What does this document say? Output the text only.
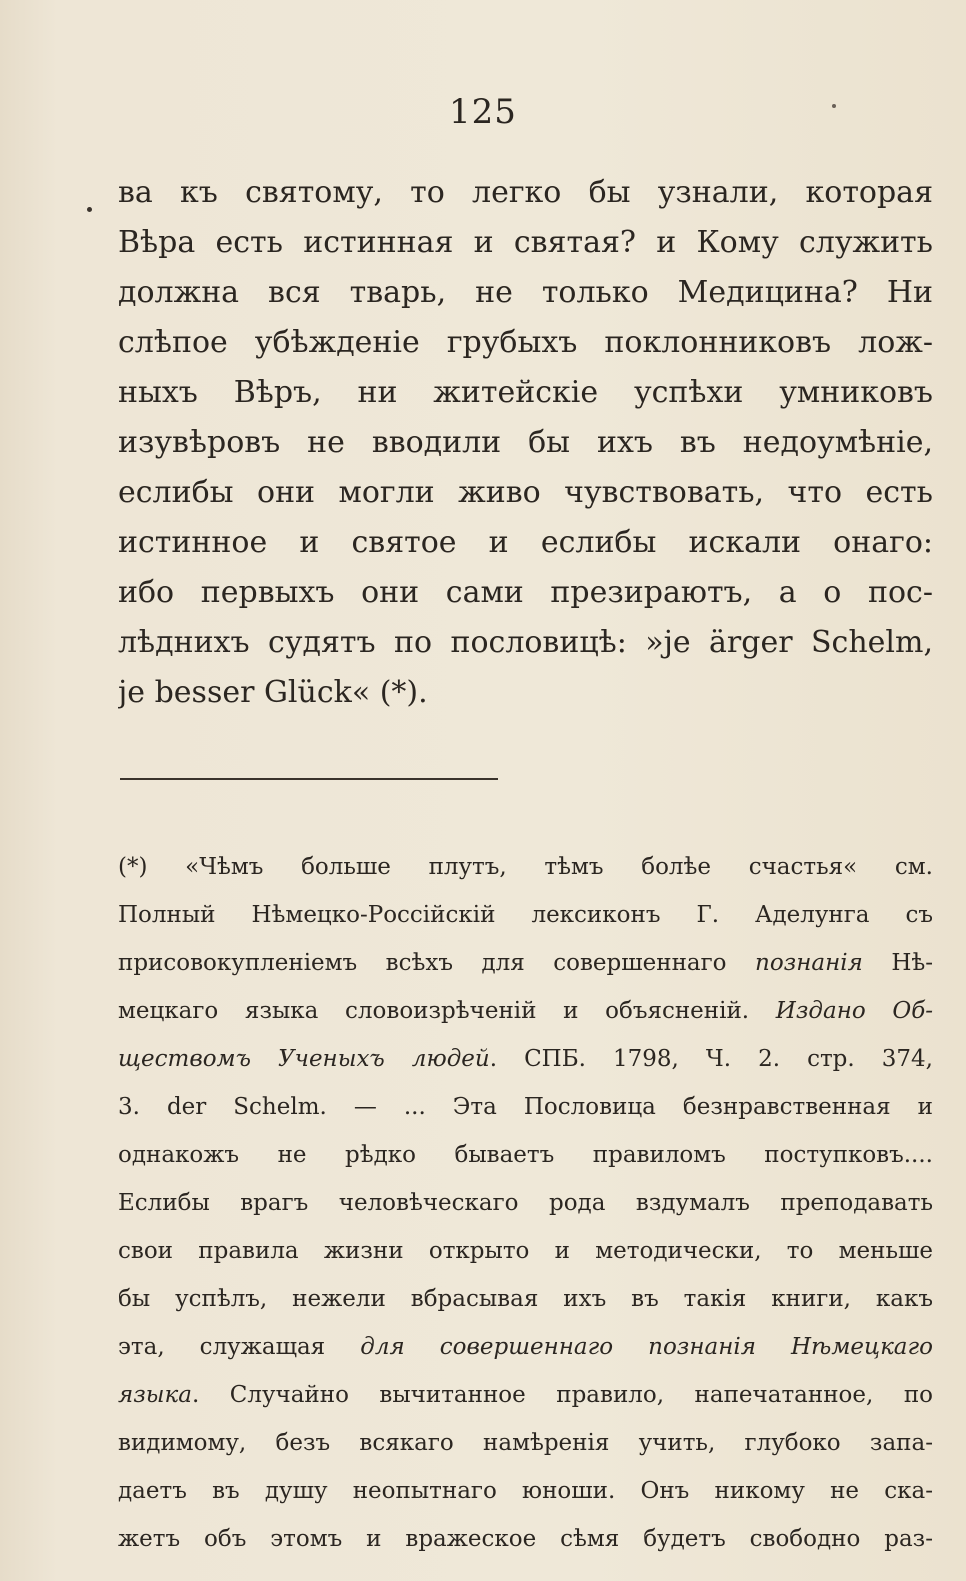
125
ва къ святому, то легко бы узнали, которая
Вѣра есть истинная и святая? и Кому служить
должна вся тварь, не только Медицина? Ни
слѣпое убѣжденіе грубыхъ поклонниковъ лож-
ныхъ Вѣръ, ни житейскіе успѣхи умниковъ
изувѣровъ не вводили бы ихъ въ недоумѣніе,
еслибы они могли живо чувствовать, что есть
истинное и святое и еслибы искали онаго:
ибо первыхъ они сами презираютъ, а о пос-
лѣднихъ судятъ по пословицѣ: »je ärger Schelm,
je besser Glück« (*).
(*) «Чѣмъ больше плутъ, тѣмъ болѣе счастья« см.
Полный Нѣмецко-Россійскій лексиконъ Г. Аделунга съ
присовокупленіемъ всѣхъ для совершеннаго познанія Нѣ-
мецкаго языка словоизрѣченій и объясненій. Издано Об-
ществомъ Ученыхъ людей. СПБ. 1798, Ч. 2. стр. 374,
3. der Schelm. — ... Эта Пословица безнравственная и
однакожъ не рѣдко бываетъ правиломъ поступковъ....
Еслибы врагъ человѣческаго рода вздумалъ преподавать
свои правила жизни открыто и методически, то меньше
бы успѣлъ, нежели вбрасывая ихъ въ такія книги, какъ
эта, служащая для совершеннаго познанія Нѣмецкаго
языка. Случайно вычитанное правило, напечатанное, по
видимому, безъ всякаго намѣренія учить, глубоко запа-
даетъ въ душу неопытнаго юноши. Онъ никому не ска-
жетъ объ этомъ и вражеское сѣмя будетъ свободно раз-
